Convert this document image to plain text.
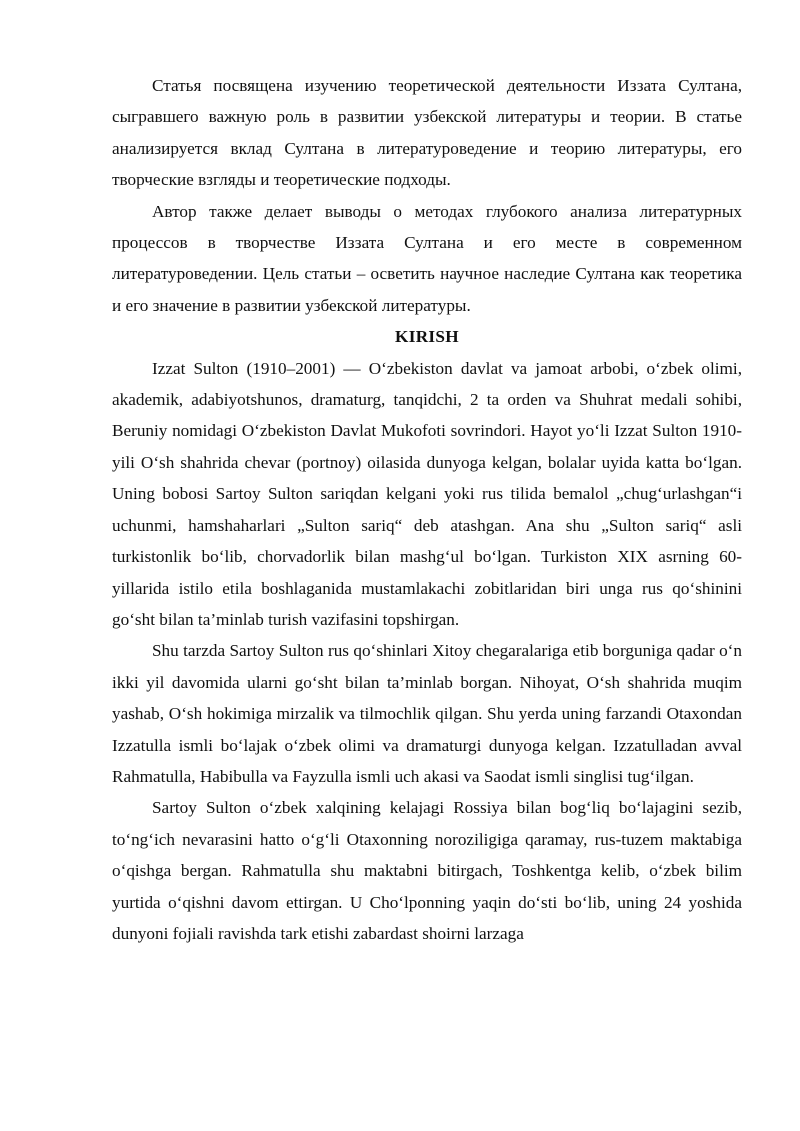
Статья посвящена изучению теоретической деятельности Иззата Султана, сыгравшего важную роль в развитии узбекской литературы и теории. В статье анализируется вклад Султана в литературоведение и теорию литературы, его творческие взгляды и теоретические подходы.

Автор также делает выводы о методах глубокого анализа литературных процессов в творчестве Иззата Султана и его месте в современном литературоведении. Цель статьи – осветить научное наследие Султана как теоретика и его значение в развитии узбекской литературы.

KIRISH

Izzat Sulton (1910–2001) — O‘zbekiston davlat va jamoat arbobi, o‘zbek olimi, akademik, adabiyotshunos, dramaturg, tanqidchi, 2 ta orden va Shuhrat medali sohibi, Beruniy nomidagi O‘zbekiston Davlat Mukofoti sovrindori. Hayot yo‘li Izzat Sulton 1910-yili O‘sh shahrida chevar (portnoy) oilasida dunyoga kelgan, bolalar uyida katta bo‘lgan. Uning bobosi Sartoy Sulton sariqdan kelgani yoki rus tilida bemalol „chug‘urlashgan“i uchunmi, hamshaharlari „Sulton sariq“ deb atashgan. Ana shu „Sulton sariq“ asli turkistonlik bo‘lib, chorvadorlik bilan mashg‘ul bo‘lgan. Turkiston XIX asrning 60-yillarida istilo etila boshlaganida mustamlakachi zobitlaridan biri unga rus qo‘shinini go‘sht bilan ta’minlab turish vazifasini topshirgan.

Shu tarzda Sartoy Sulton rus qo‘shinlari Xitoy chegaralariga etib borguniga qadar o‘n ikki yil davomida ularni go‘sht bilan ta’minlab borgan. Nihoyat, O‘sh shahrida muqim yashab, O‘sh hokimiga mirzalik va tilmochlik qilgan. Shu yerda uning farzandi Otaxondan Izzatulla ismli bo‘lajak o‘zbek olimi va dramaturgi dunyoga kelgan. Izzatulladan avval Rahmatulla, Habibulla va Fayzulla ismli uch akasi va Saodat ismli singlisi tug‘ilgan.

Sartoy Sulton o‘zbek xalqining kelajagi Rossiya bilan bog‘liq bo‘lajagini sezib, to‘ng‘ich nevarasini hatto o‘g‘li Otaxonning noroziligiga qaramay, rus-tuzem maktabiga o‘qishga bergan. Rahmatulla shu maktabni bitirgach, Toshkentga kelib, o‘zbek bilim yurtida o‘qishni davom ettirgan. U Cho‘lponning yaqin do‘sti bo‘lib, uning 24 yoshida dunyoni fojiali ravishda tark etishi zabardast shoirni larzaga
